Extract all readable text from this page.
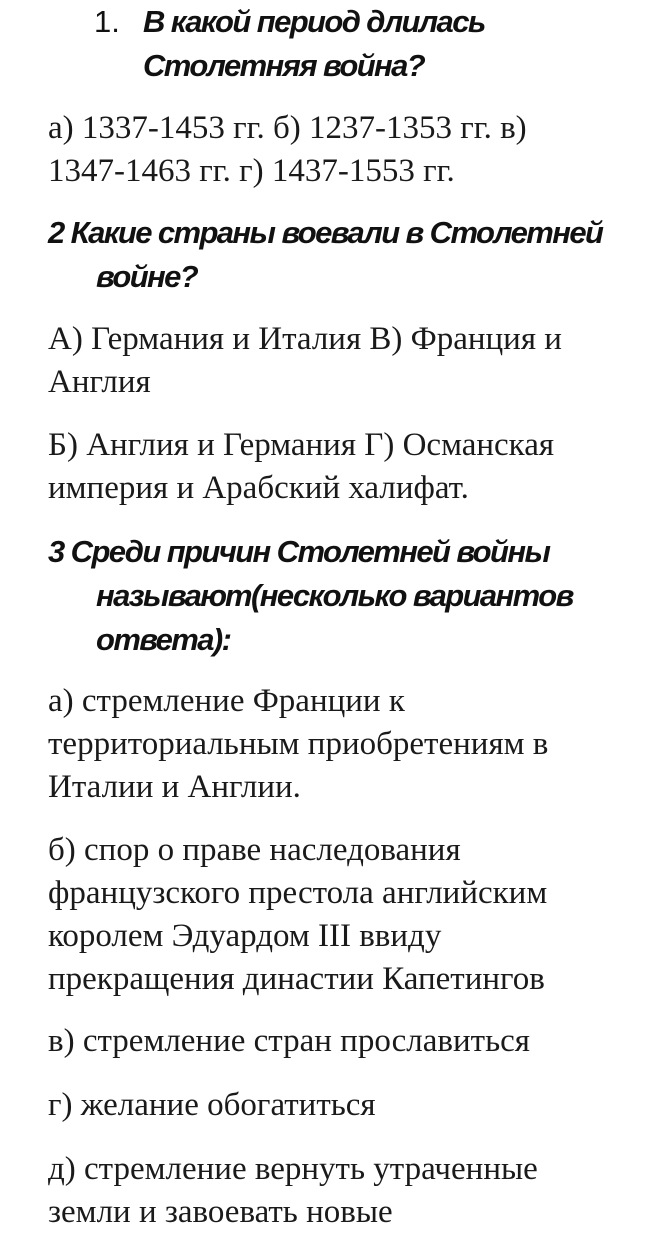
1. В какой период длилась
Столетняя война?
а) 1337-1453 гг. б) 1237-1353 гг. в)
1347-1463 гг. г) 1437-1553 гг.
2 Какие страны воевали в Столетней
войне?
А) Германия и Италия В) Франция и
Англия
Б) Англия и Германия Г) Османская
империя и Арабский халифат.
3 Среди причин Столетней войны
называют(несколько вариантов
ответа):
а) стремление Франции к
территориальным приобретениям в
Италии и Англии.
б) спор о праве наследования
французского престола английским
королем Эдуардом III ввиду
прекращения династии Капетингов
в) стремление стран прославиться
г) желание обогатиться
д) стремление вернуть утраченные
земли и завоевать новые
